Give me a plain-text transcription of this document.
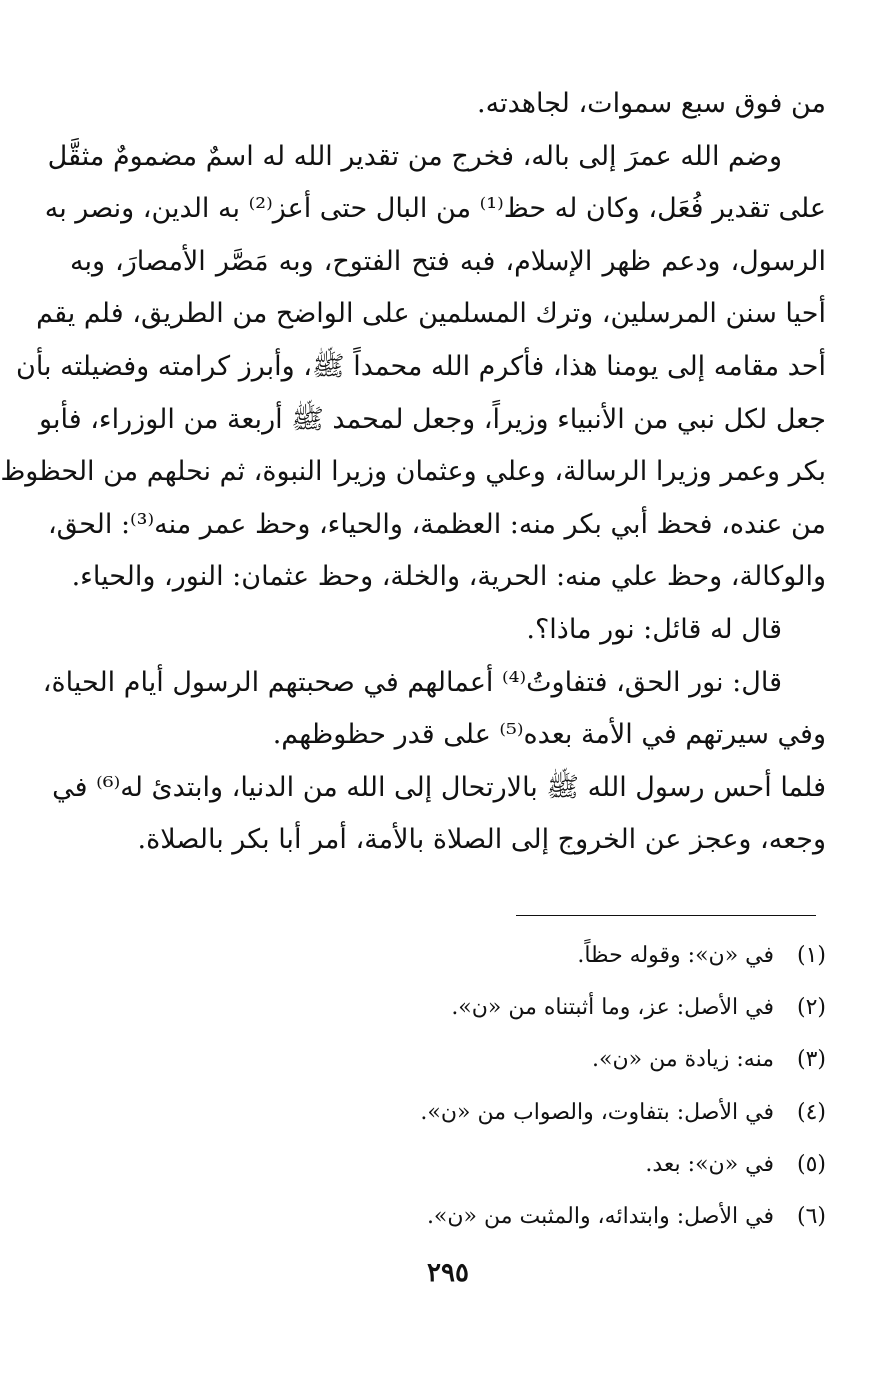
من فوق سبع سموات، لجاهدته.
وضم الله عمرَ إلى باله، فخرج من تقدير الله له اسمٌ مضمومٌ مثقَّل
على تقدير فُعَل، وكان له حظ⁽¹⁾ من البال حتى أعز⁽²⁾ به الدين، ونصر به
الرسول، ودعم ظهر الإسلام، فبه فتح الفتوح، وبه مَصَّر الأمصارَ، وبه
أحيا سنن المرسلين، وترك المسلمين على الواضح من الطريق، فلم يقم
أحد مقامه إلى يومنا هذا، فأكرم الله محمداً ﷺ، وأبرز كرامته وفضيلته بأن
جعل لكل نبي من الأنبياء وزيراً، وجعل لمحمد ﷺ أربعة من الوزراء، فأبو
بكر وعمر وزيرا الرسالة، وعلي وعثمان وزيرا النبوة، ثم نحلهم من الحظوظ
من عنده، فحظ أبي بكر منه: العظمة، والحياء، وحظ عمر منه⁽³⁾: الحق،
والوكالة، وحظ علي منه: الحرية، والخلة، وحظ عثمان: النور، والحياء.
قال له قائل: نور ماذا؟.
قال: نور الحق، فتفاوتُ⁽⁴⁾ أعمالهم في صحبتهم الرسول أيام الحياة،
وفي سيرتهم في الأمة بعده⁽⁵⁾ على قدر حظوظهم.
فلما أحس رسول الله ﷺ بالارتحال إلى الله من الدنيا، وابتدئ له⁽⁶⁾ في
وجعه، وعجز عن الخروج إلى الصلاة بالأمة، أمر أبا بكر بالصلاة.
(١)في «ن»: وقوله حظاً.
(٢)في الأصل: عز، وما أثبتناه من «ن».
(٣)منه: زيادة من «ن».
(٤)في الأصل: بتفاوت، والصواب من «ن».
(٥)في «ن»: بعد.
(٦)في الأصل: وابتدائه، والمثبت من «ن».
٢٩٥
